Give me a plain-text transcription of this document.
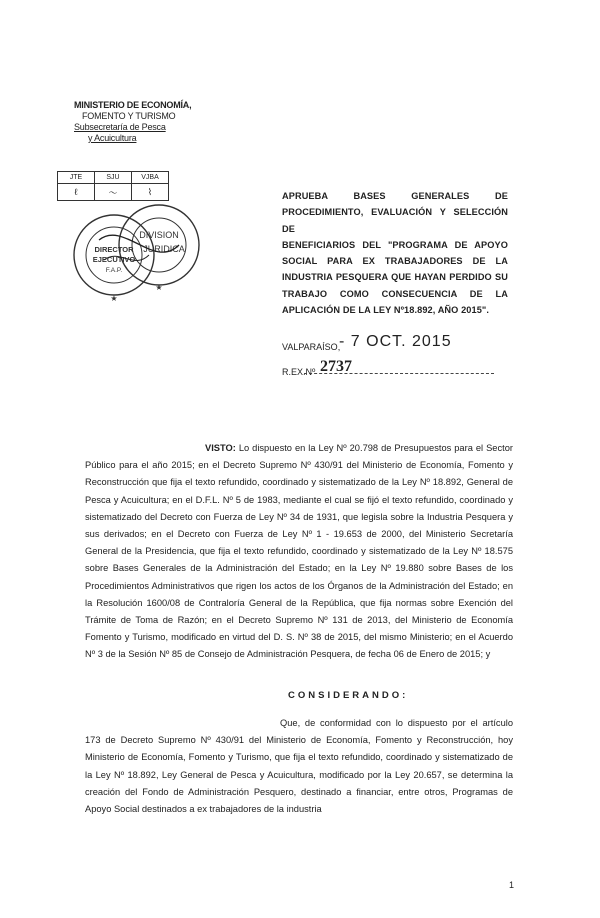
MINISTERIO DE ECONOMÍA,
FOMENTO Y TURISMO
Subsecretaría de Pesca
y Acuicultura
JTE	SJU	VJBA
ℓ	〜	⌇
DIVISION
JURIDICA
DIRECTOR
EJECUTIVO
F.A.P.
★
★
APRUEBA BASES GENERALES DE
PROCEDIMIENTO, EVALUACIÓN Y SELECCIÓN DE
BENEFICIARIOS DEL "PROGRAMA DE APOYO
SOCIAL PARA EX TRABAJADORES DE LA
INDUSTRIA PESQUERA QUE HAYAN PERDIDO SU
TRABAJO COMO CONSECUENCIA DE LA
APLICACIÓN DE LA LEY Nº18.892, AÑO 2015".
VALPARAÍSO,
- 7 OCT. 2015
R.EX.Nº 2737
VISTO: Lo dispuesto en la Ley Nº 20.798 de Presupuestos para el Sector Público para el año 2015; en el Decreto Supremo Nº 430/91 del Ministerio de Economía, Fomento y Reconstrucción que fija el texto refundido, coordinado y sistematizado de la Ley Nº 18.892, General de Pesca y Acuicultura; en el D.F.L. Nº 5 de 1983, mediante el cual se fijó el texto refundido, coordinado y sistematizado del Decreto con Fuerza de Ley Nº 34 de 1931, que legisla sobre la Industria Pesquera y sus derivados; en el Decreto con Fuerza de Ley Nº 1 - 19.653 de 2000, del Ministerio Secretaría General de la Presidencia, que fija el texto refundido, coordinado y sistematizado de la Ley Nº 18.575 sobre Bases Generales de la Administración del Estado; en la Ley Nº 19.880 sobre Bases de los Procedimientos Administrativos que rigen los actos de los Órganos de la Administración del Estado; en la Resolución 1600/08 de Contraloría General de la República, que fija normas sobre Exención del Trámite de Toma de Razón; en el Decreto Supremo Nº 131 de 2013, del Ministerio de Economía Fomento y Turismo, modificado en virtud del D. S. Nº 38 de 2015, del mismo Ministerio; en el Acuerdo Nº 3 de la Sesión Nº 85 de Consejo de Administración Pesquera, de fecha 06 de Enero de 2015; y
CONSIDERANDO:
Que, de conformidad con lo dispuesto por el artículo 173 de Decreto Supremo Nº 430/91 del Ministerio de Economía, Fomento y Reconstrucción, hoy Ministerio de Economía, Fomento y Turismo, que fija el texto refundido, coordinado y sistematizado de la Ley Nº 18.892, Ley General de Pesca y Acuicultura, modificado por la Ley 20.657, se determina la creación del Fondo de Administración Pesquero, destinado a financiar, entre otros, Programas de Apoyo Social destinados a ex trabajadores de la industria
1
